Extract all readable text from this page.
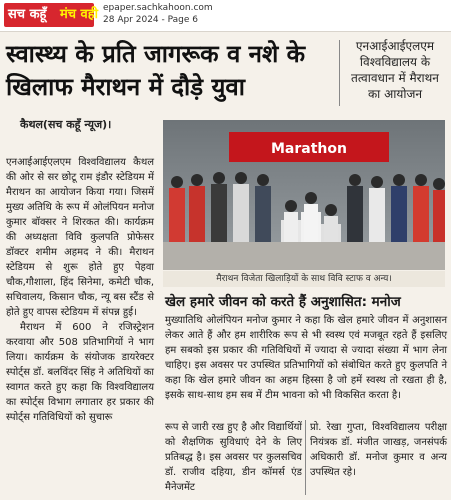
सच कहूँ मंच वही epaper.sachkahoon.com
28 Apr 2024 - Page 6
स्वास्थ्य के प्रति जागरूक व नशे के खिलाफ मैराथन में दौड़े युवा
एनआईआईएलएम विश्वविद्यालय के तत्वावधान में मैराथन का आयोजन
कैथल(सच कहूँ न्यूज)।

एनआईआईएलएम विश्वविद्यालय कैथल की ओर से सर छोटू राम इंडौर स्टेडियम में मैराथन का आयोजन किया गया। जिसमें मुख्य अतिथि के रूप में ओलंपियन मनोज कुमार बॉक्सर ने शिरकत की। कार्यक्रम की अध्यक्षता विवि कुलपति प्रोफेसर डॉक्टर शमीम अहमद ने की। मैराथन स्टेडियम से शुरू होते हुए पेहवा चौक,गौशाला, हिंद सिनेमा, कमेटी चौक, सचिवालय, किसान चौक, न्यू बस स्टैंड से होते हुए वापस स्टेडियम में संपन्न हुई।

मैराथन में 600 ने रजिस्ट्रेशन करवाया और 508 प्रतिभागियों ने भाग लिया। कार्यक्रम के संयोजक डायरेक्टर स्पोर्ट्स डॉ. बलविंदर सिंह ने अतिथियों का स्वागत करते हुए कहा कि विश्वविद्यालय का स्पोर्ट्स विभाग लगातार हर प्रकार की स्पोर्ट्स गतिविधियों को सुचारू

Marathon
मैराथन विजेता खिलाड़ियों के साथ विवि स्टाफ व अन्य।
खेल हमारे जीवन को करते हैं अनुशासित: मनोज
मुख्यातिथि ओलंपियन मनोज कुमार ने कहा कि खेल हमारे जीवन में अनुशासन लेकर आते हैं और हम शारीरिक रूप से भी स्वस्थ एवं मजबूत रहते हैं इसलिए हम सबको इस प्रकार की गतिविधियों में ज्यादा से ज्यादा संख्या में भाग लेना चाहिए। इस अवसर पर उपस्थित प्रतिभागियों को संबोधित करते हुए कुलपति ने कहा कि खेल हमारे जीवन का अहम हिस्सा है जो हमें स्वस्थ तो रखता ही है, इसके साथ-साथ हम सब में टीम भावना को भी विकसित करता है।
रूप से जारी रख हुए है और विद्यार्थियों को शैक्षणिक सुविधाएं देने के लिए प्रतिबद्ध है। इस अवसर पर कुलसचिव डॉ. राजीव दहिया, डीन कॉमर्स एंड मैनेजमेंट
प्रो. रेखा गुप्ता, विश्वविद्यालय परीक्षा नियंत्रक डॉ. मंजीत जाखड़, जनसंपर्क अधिकारी डॉ. मनोज कुमार व अन्य उपस्थित रहे।
